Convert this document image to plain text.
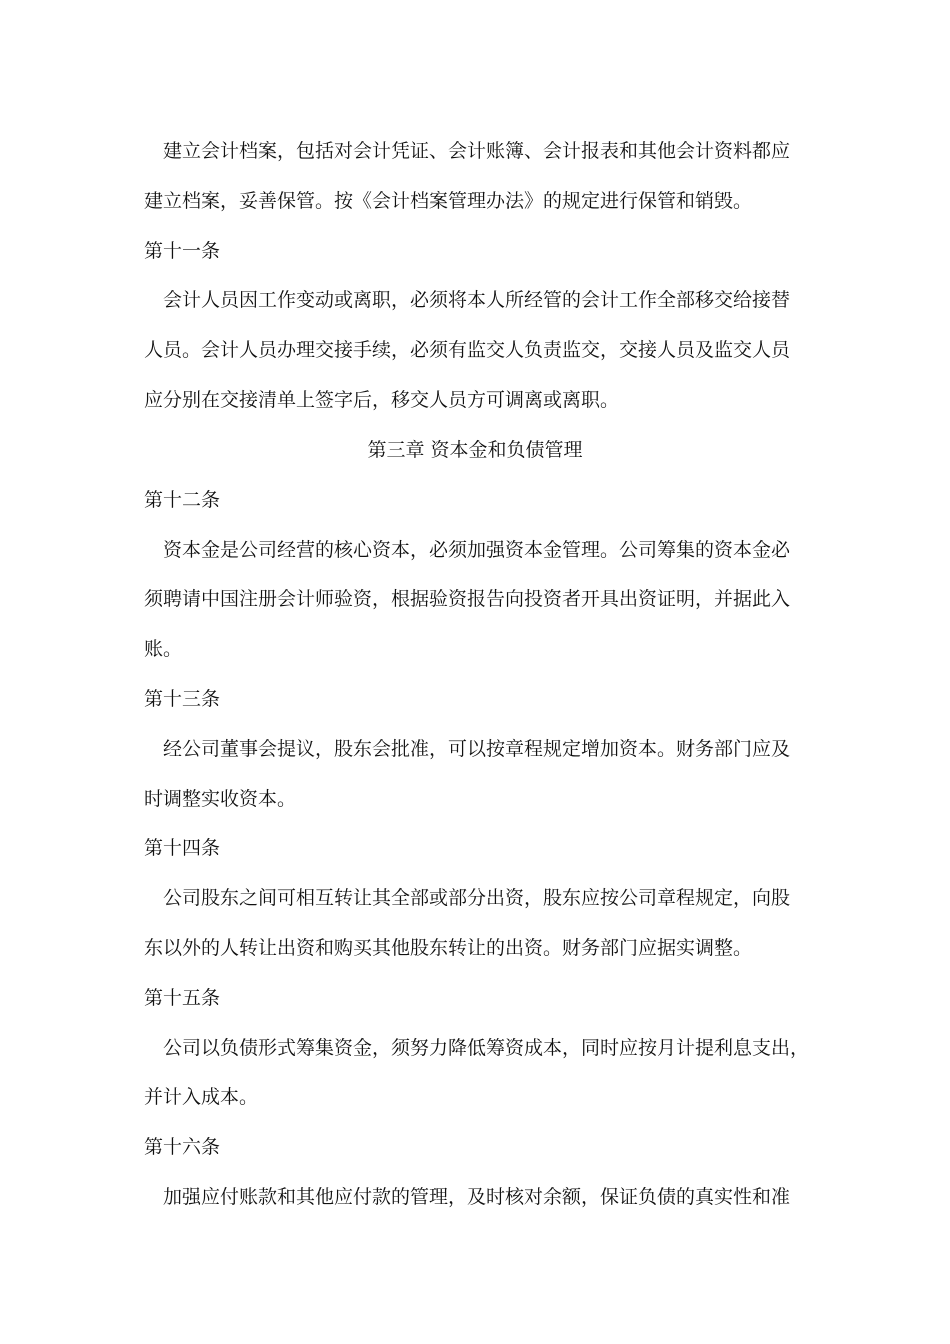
建立会计档案，包括对会计凭证、会计账簿、会计报表和其他会计资料都应
建立档案，妥善保管。按《会计档案管理办法》的规定进行保管和销毁。
第十一条
会计人员因工作变动或离职，必须将本人所经管的会计工作全部移交给接替
人员。会计人员办理交接手续，必须有监交人负责监交，交接人员及监交人员
应分别在交接清单上签字后，移交人员方可调离或离职。
第三章 资本金和负债管理
第十二条
资本金是公司经营的核心资本，必须加强资本金管理。公司筹集的资本金必
须聘请中国注册会计师验资，根据验资报告向投资者开具出资证明，并据此入
账。
第十三条
经公司董事会提议，股东会批准，可以按章程规定增加资本。财务部门应及
时调整实收资本。
第十四条
公司股东之间可相互转让其全部或部分出资，股东应按公司章程规定，向股
东以外的人转让出资和购买其他股东转让的出资。财务部门应据实调整。
第十五条
公司以负债形式筹集资金，须努力降低筹资成本，同时应按月计提利息支出，
并计入成本。
第十六条
加强应付账款和其他应付款的管理，及时核对余额，保证负债的真实性和准
